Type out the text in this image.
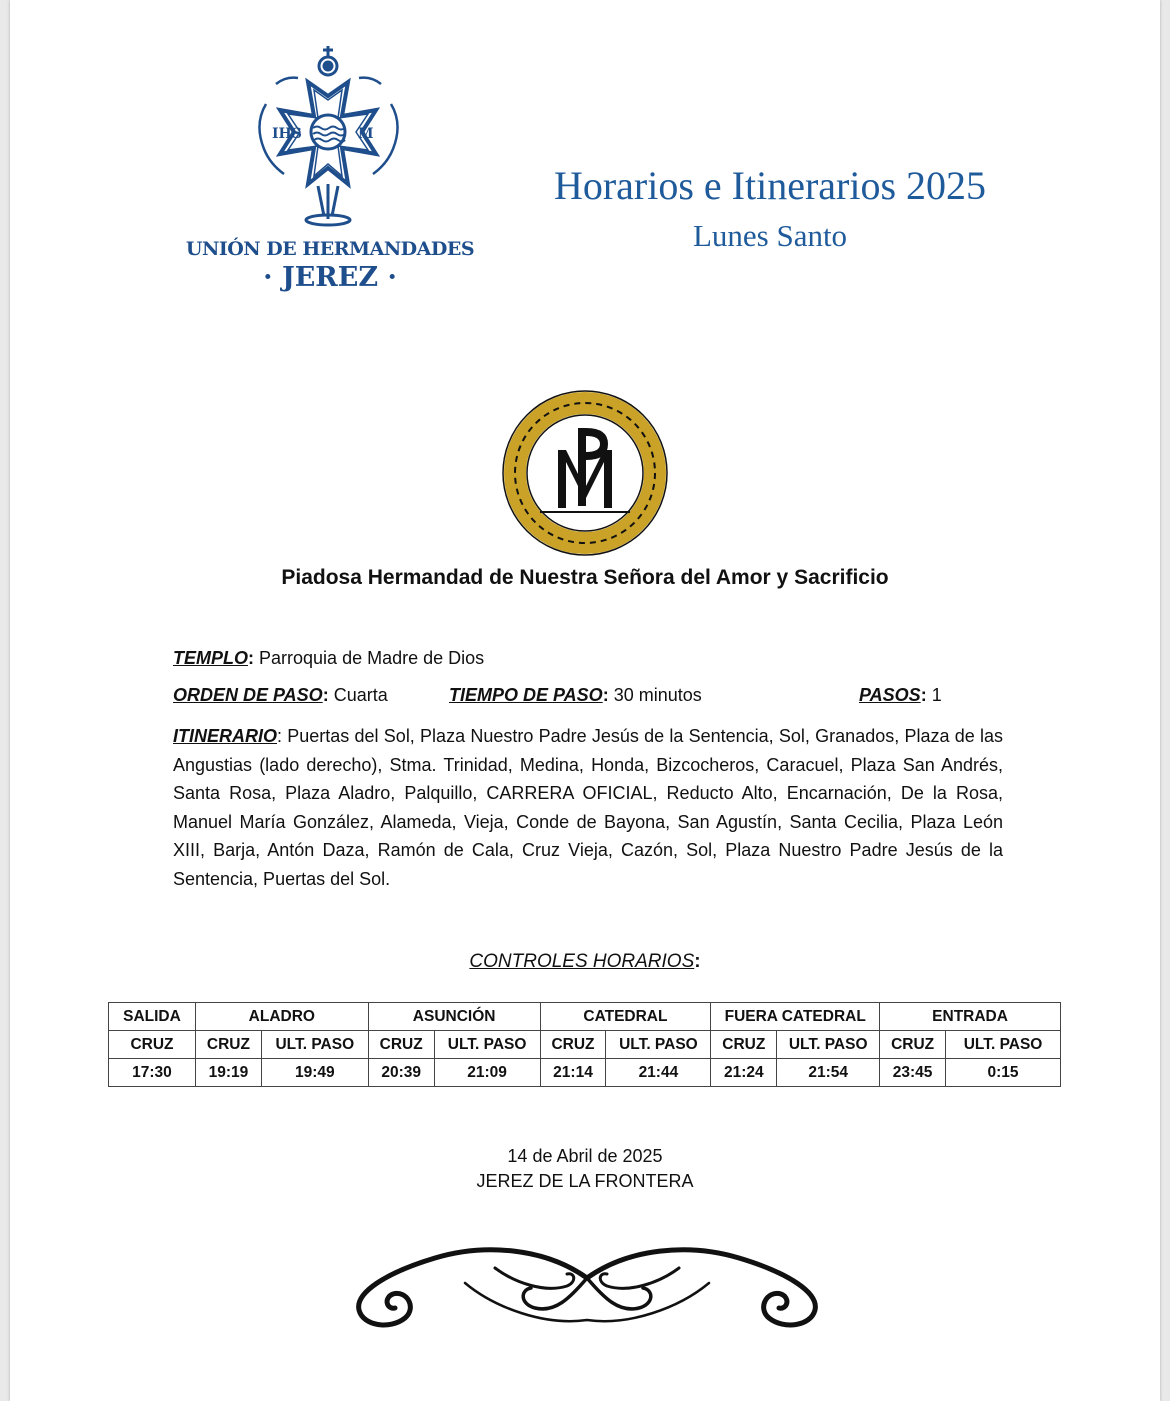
IHS	M
UNIÓN DE HERMANDADES
· JEREZ ·
Horarios e Itinerarios 2025
Lunes Santo
Piadosa Hermandad de Nuestra Señora del Amor y Sacrificio
TEMPLO: Parroquia de Madre de Dios
ORDEN DE PASO: Cuarta	TIEMPO DE PASO: 30 minutos	PASOS: 1
ITINERARIO: Puertas del Sol, Plaza Nuestro Padre Jesús de la Sentencia, Sol, Granados, Plaza de las Angustias (lado derecho), Stma. Trinidad, Medina, Honda, Bizcocheros, Caracuel, Plaza San Andrés, Santa Rosa, Plaza Aladro, Palquillo, CARRERA OFICIAL, Reducto Alto, Encarnación, De la Rosa, Manuel María González, Alameda, Vieja, Conde de Bayona, San Agustín, Santa Cecilia, Plaza León XIII, Barja, Antón Daza, Ramón de Cala, Cruz Vieja, Cazón, Sol, Plaza Nuestro Padre Jesús de la Sentencia, Puertas del Sol.
CONTROLES HORARIOS:
SALIDA	ALADRO		ASUNCIÓN		CATEDRAL		FUERA CATEDRAL		ENTRADA	
CRUZ	CRUZ	ULT. PASO	CRUZ	ULT. PASO	CRUZ	ULT. PASO	CRUZ	ULT. PASO	CRUZ	ULT. PASO
17:30	19:19	19:49	20:39	21:09	21:14	21:44	21:24	21:54	23:45	0:15
14 de Abril de 2025
JEREZ DE LA FRONTERA
